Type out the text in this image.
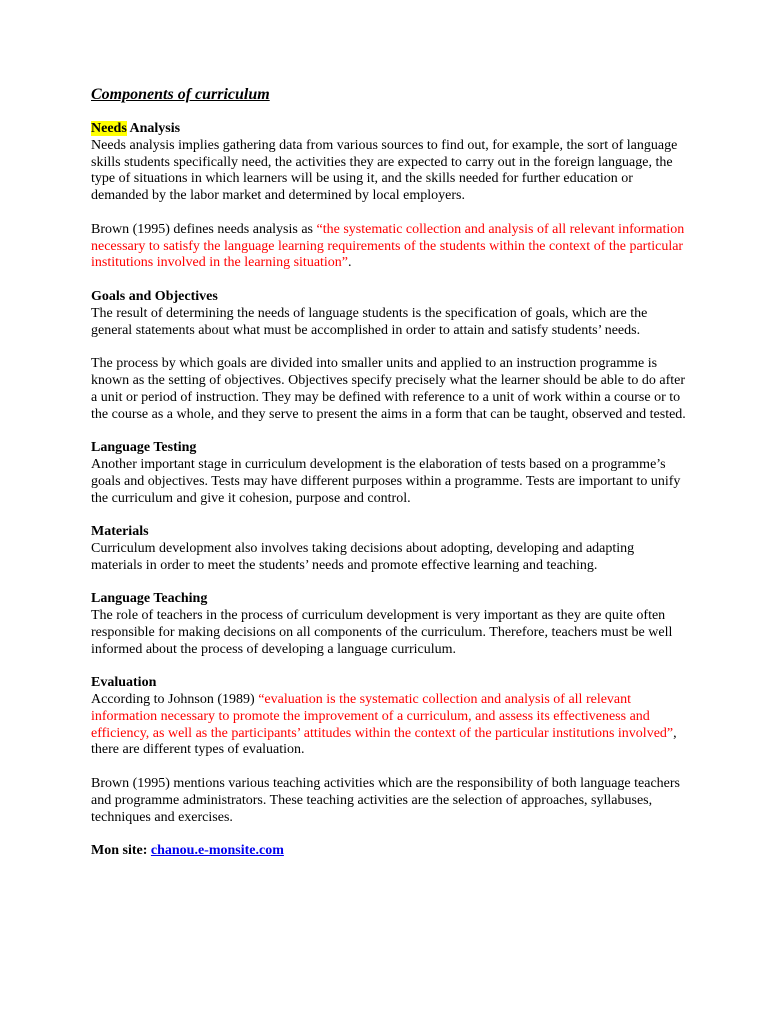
Components of curriculum
Needs Analysis

Needs analysis implies gathering data from various sources to find out, for example, the sort of language skills students specifically need, the activities they are expected to carry out in the foreign language, the type of situations in which learners will be using it, and the skills needed for further education or demanded by the labor market and determined by local employers.

Brown (1995) defines needs analysis as “the systematic collection and analysis of all relevant information necessary to satisfy the language learning requirements of the students within the context of the particular institutions involved in the learning situation”.

Goals and Objectives

The result of determining the needs of language students is the specification of goals, which are the general statements about what must be accomplished in order to attain and satisfy students’ needs.

The process by which goals are divided into smaller units and applied to an instruction programme is known as the setting of objectives. Objectives specify precisely what the learner should be able to do after a unit or period of instruction. They may be defined with reference to a unit of work within a course or to the course as a whole, and they serve to present the aims in a form that can be taught, observed and tested.

Language Testing

Another important stage in curriculum development is the elaboration of tests based on a programme’s goals and objectives. Tests may have different purposes within a programme. Tests are important to unify the curriculum and give it cohesion, purpose and control.

Materials

Curriculum development also involves taking decisions about adopting, developing and adapting materials in order to meet the students’ needs and promote effective learning and teaching.

Language Teaching

The role of teachers in the process of curriculum development is very important as they are quite often responsible for making decisions on all components of the curriculum. Therefore, teachers must be well informed about the process of developing a language curriculum.

Evaluation

According to Johnson (1989) “evaluation is the systematic collection and analysis of all relevant information necessary to promote the improvement of a curriculum, and assess its effectiveness and efficiency, as well as the participants’ attitudes within the context of the particular institutions involved”, there are different types of evaluation.

Brown (1995) mentions various teaching activities which are the responsibility of both language teachers and programme administrators. These teaching activities are the selection of approaches, syllabuses, techniques and exercises.

Mon site: chanou.e-monsite.com
